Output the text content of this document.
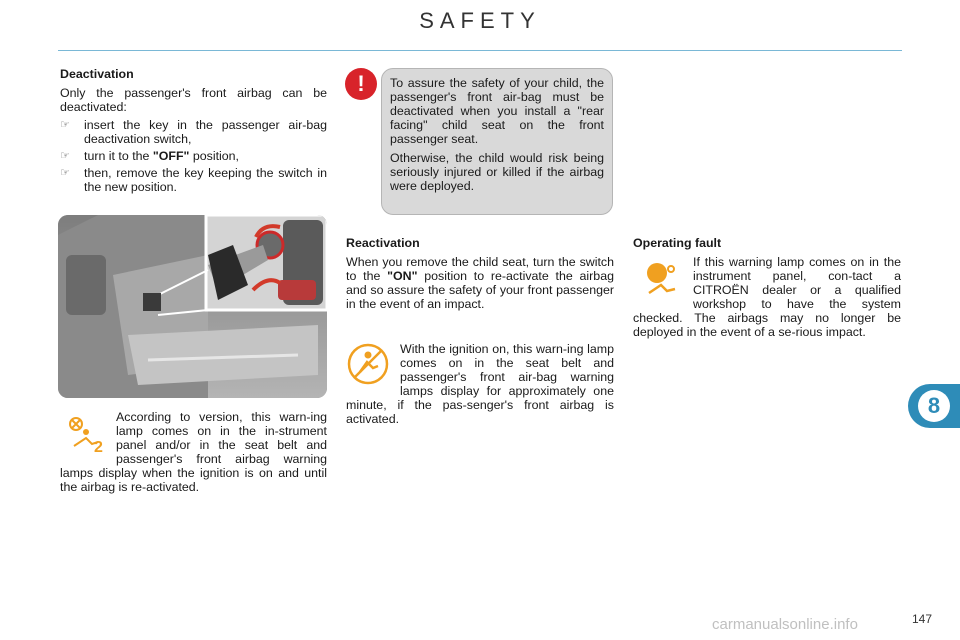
SAFETY
Deactivation

Only the passenger's front airbag can be deactivated:

☞ insert the key in the passenger air-bag deactivation switch,
☞ turn it to the "OFF" position,
☞ then, remove the key keeping the switch in the new position.
2

According to version, this warn-ing lamp comes on in the in-strument panel and/or in the seat belt and passenger's front airbag warning lamps display when the ignition is on and until the airbag is re-activated.

!	To assure the safety of your child, the passenger's front air-bag must be deactivated when you install a "rear facing" child seat on the front passenger seat.

Otherwise, the child would risk being seriously injured or killed if the airbag were deployed.

Reactivation

When you remove the child seat, turn the switch to the "ON" position to re-activate the airbag and so assure the safety of your front passenger in the event of an impact.

With the ignition on, this warn-ing lamp comes on in the seat belt and passenger's front air-bag warning lamps display for approximately one minute, if the pas-senger's front airbag is activated.

Operating fault

If this warning lamp comes on in the instrument panel, con-tact a CITROËN dealer or a qualified workshop to have the system checked. The airbags may no longer be deployed in the event of a se-rious impact.

8
carmanualsonline.info	147
